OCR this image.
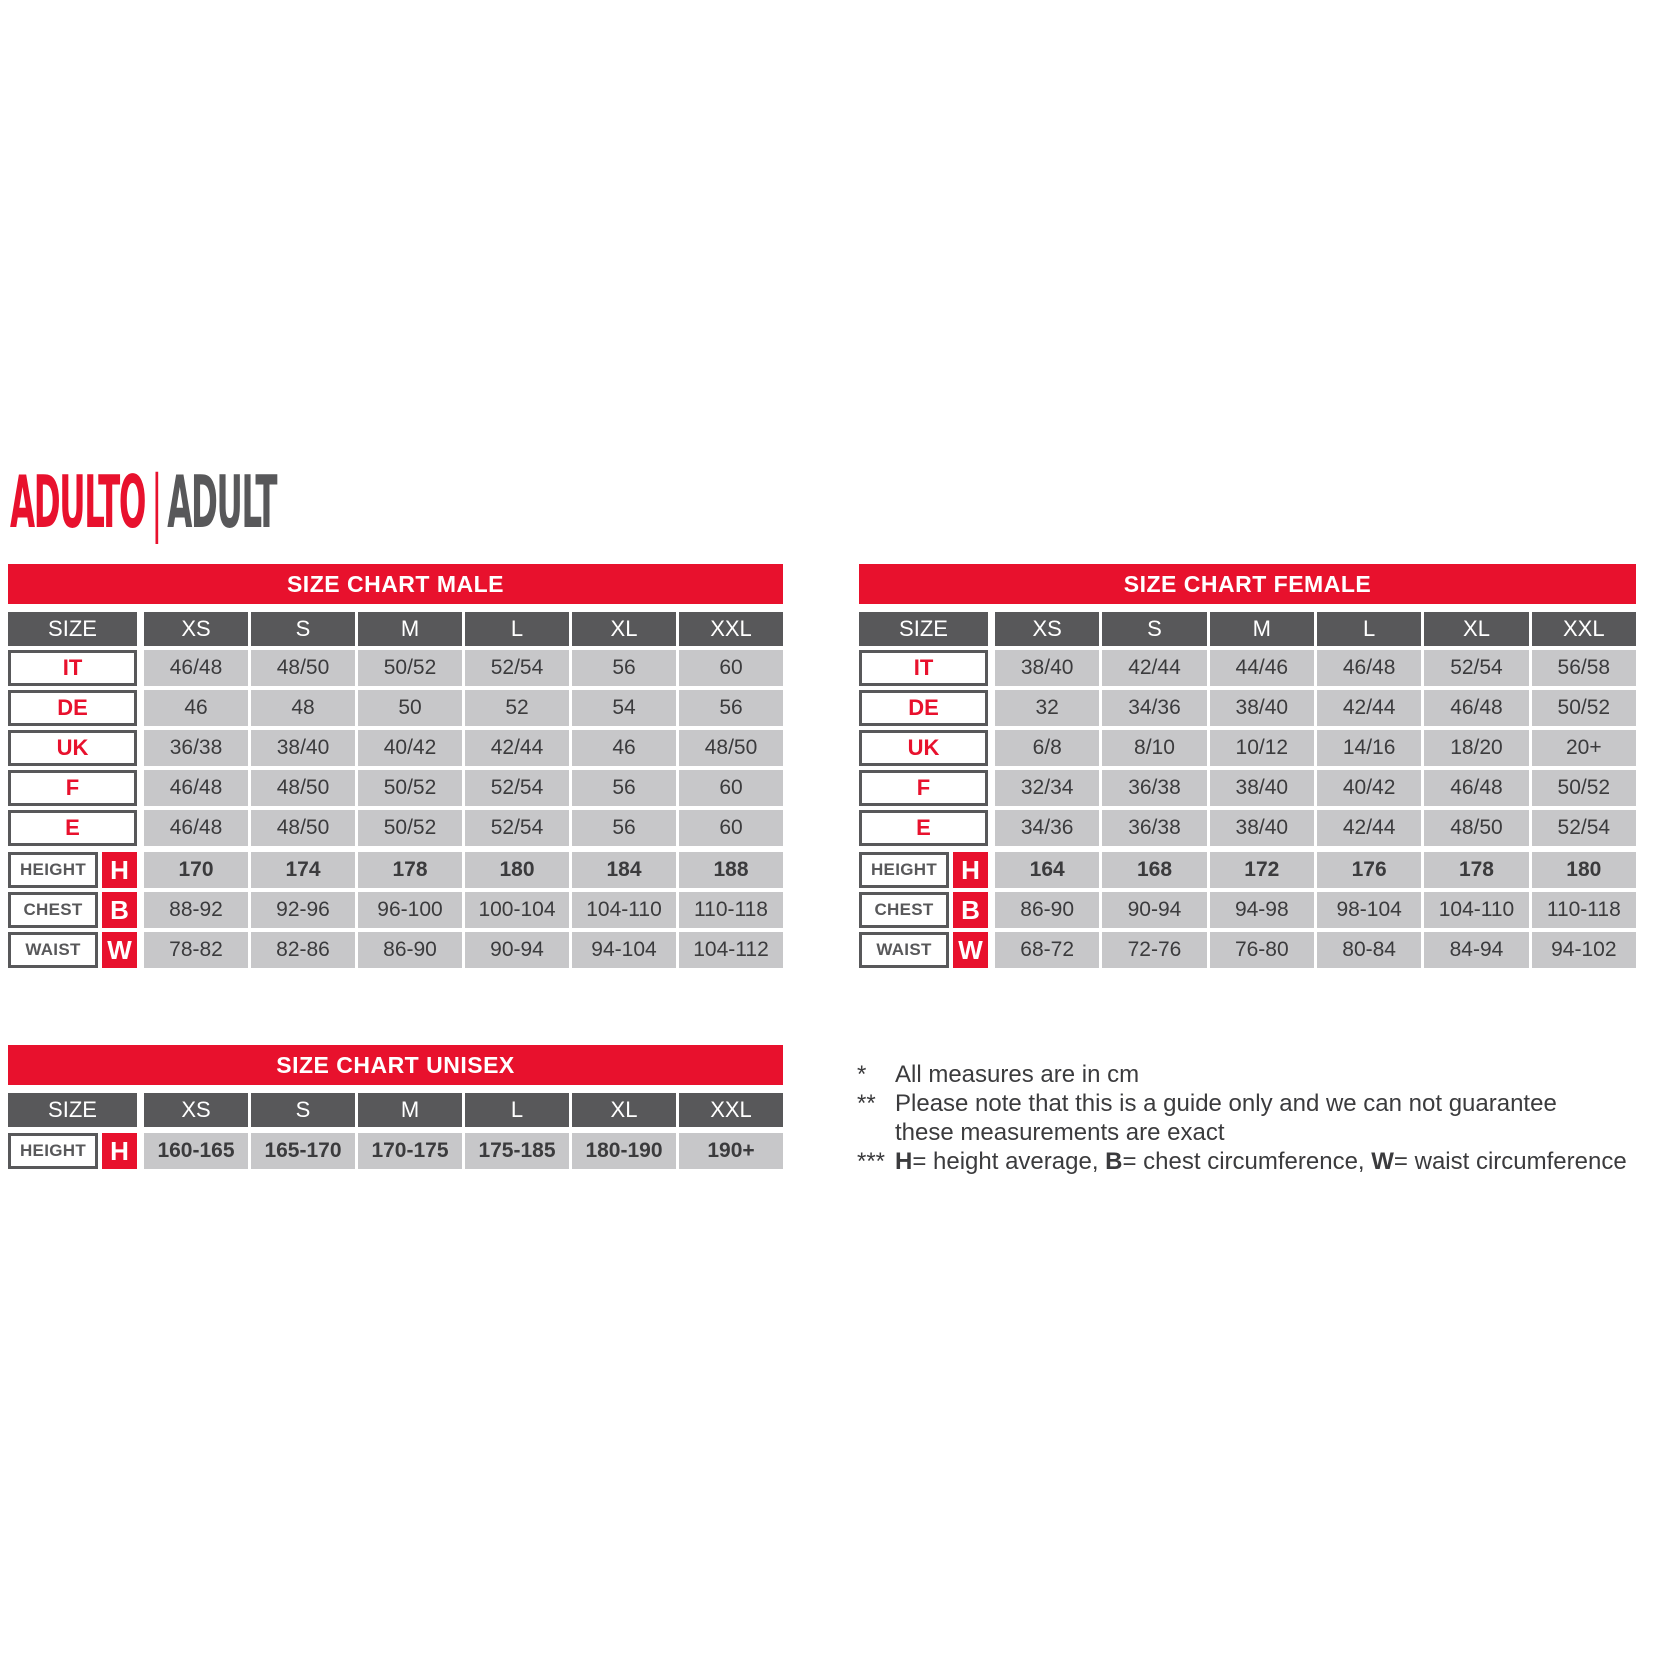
ADULTO|ADULT
SIZE CHART MALE
SIZE	XS	S	M	L	XL	XXL
IT	46/48	48/50	50/52	52/54	56	60
DE	46	48	50	52	54	56
UK	36/38	38/40	40/42	42/44	46	48/50
F	46/48	48/50	50/52	52/54	56	60
E	46/48	48/50	50/52	52/54	56	60
HEIGHT H	170	174	178	180	184	188
CHEST	B	88-92	92-96	96-100	100-104	104-110	110-118
WAIST	W	78-82	82-86	86-90	90-94	94-104	104-112
SIZE CHART FEMALE
SIZE	XS	S	M	L	XL	XXL
IT	38/40	42/44	44/46	46/48	52/54	56/58
DE	32	34/36	38/40	42/44	46/48	50/52
UK	6/8	8/10	10/12	14/16	18/20	20+
F	32/34	36/38	38/40	40/42	46/48	50/52
E	34/36	36/38	38/40	42/44	48/50	52/54
HEIGHT H	164	168	172	176	178	180
CHEST	B	86-90	90-94	94-98	98-104	104-110	110-118
WAIST	W	68-72	72-76	76-80	80-84	84-94	94-102
SIZE CHART UNISEX
SIZE	XS	S	M	L	XL	XXL
HEIGHT H	160-165	165-170	170-175	175-185	180-190	190+
*	All measures are in cm
** Please note that this is a guide only and we can not guarantee
these measurements are exact
*** H= height average, B= chest circumference, W= waist circumference
